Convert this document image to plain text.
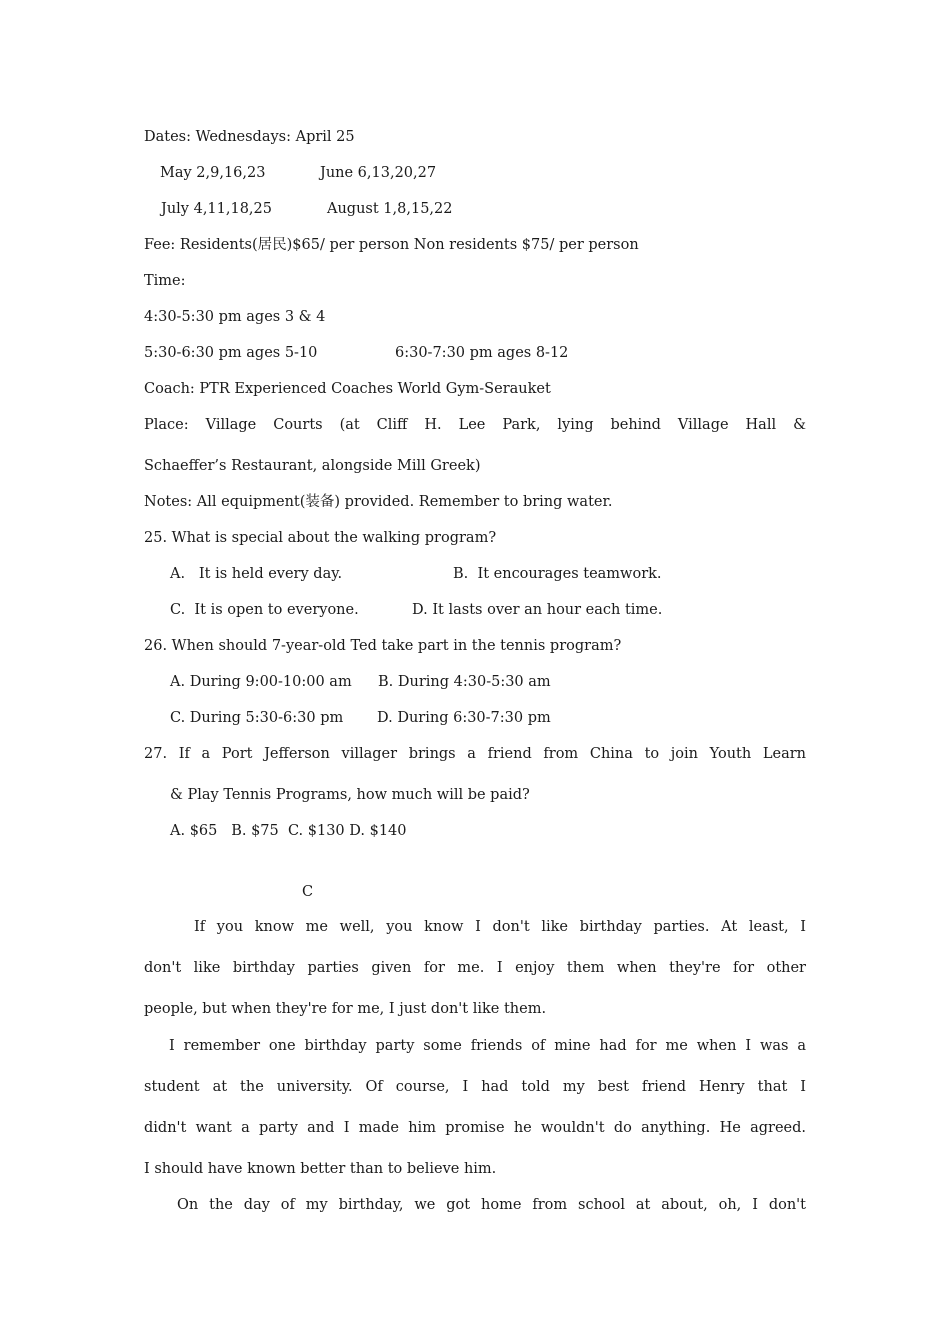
Dates: Wednesdays: April 25

May 2,9,16,23	June 6,13,20,27

July 4,11,18,25	August 1,8,15,22

Fee: Residents(居民)$65/ per person Non residents $75/ per person

Time:

4:30-5:30 pm ages 3 & 4

5:30-6:30 pm ages 5-10	6:30-7:30 pm ages 8-12

Coach: PTR Experienced Coaches World Gym-Serauket

Place: Village Courts (at Cliff H. Lee Park, lying behind Village Hall &

Schaeffer’s Restaurant, alongside Mill Greek)

Notes: All equipment(装备) provided. Remember to bring water.

25. What is special about the walking program?

A.   It is held every day.	B.  It encourages teamwork.

C.  It is open to everyone.	D. It lasts over an hour each time.

26. When should 7-year-old Ted take part in the tennis program?

A. During 9:00-10:00 am B. During 4:30-5:30 am

C. During 5:30-6:30 pm D. During 6:30-7:30 pm

27. If a Port Jefferson villager brings a friend from China to join Youth Learn

& Play Tennis Programs, how much will be paid?

A. $65   B. $75  C. $130 D. $140

C

If you know me well, you know I don't like birthday parties. At least, I

don't like birthday parties given for me. I enjoy them when they're for other

people, but when they're for me, I just don't like them.

I remember one birthday party some friends of mine had for me when I was a

student at the university. Of course, I had told my best friend Henry that I

didn't want a party and I made him promise he wouldn't do anything. He agreed.

I should have known better than to believe him.

On the day of my birthday, we got home from school at about, oh, I don't
